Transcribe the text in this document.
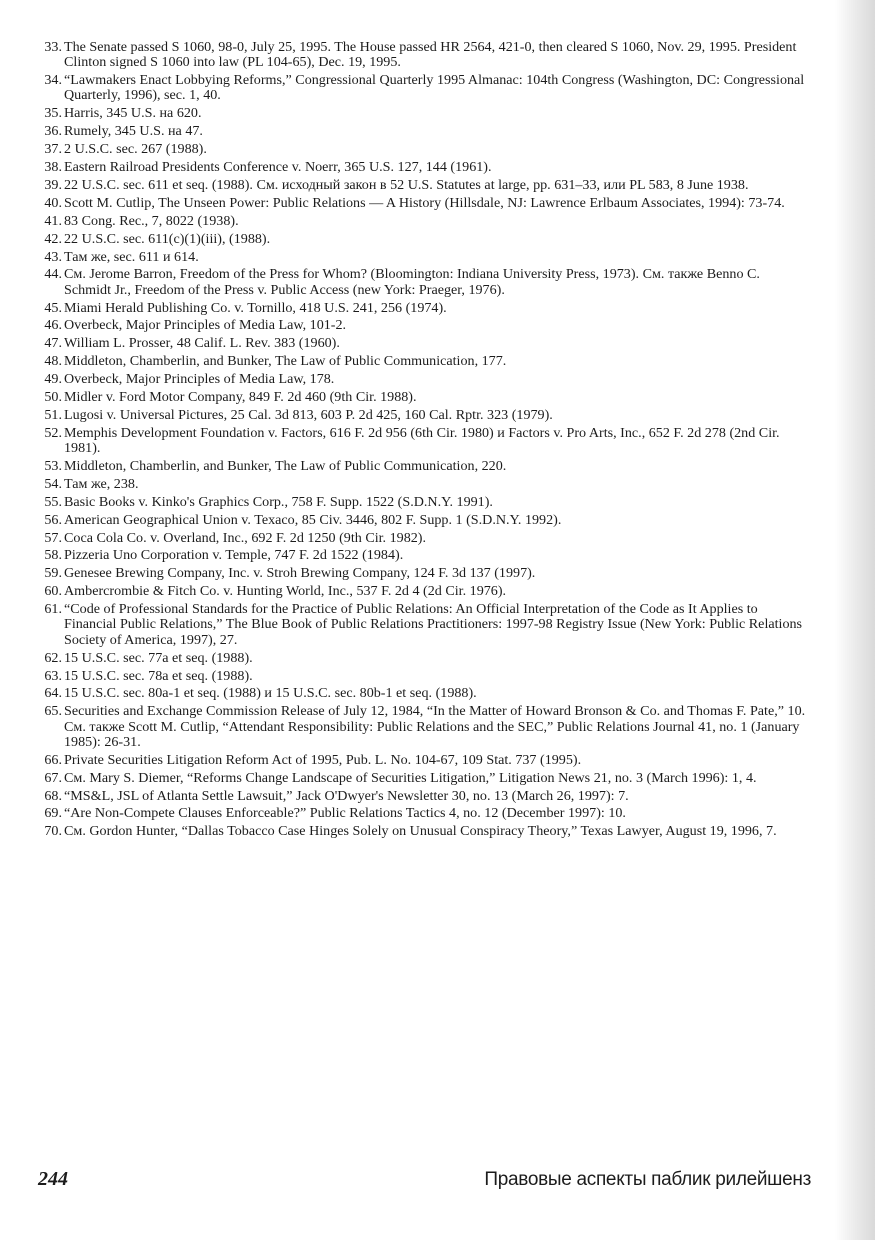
33. The Senate passed S 1060, 98-0, July 25, 1995. The House passed HR 2564, 421-0, then cleared S 1060, Nov. 29, 1995. President Clinton signed S 1060 into law (PL 104-65), Dec. 19, 1995.
34. “Lawmakers Enact Lobbying Reforms,” Congressional Quarterly 1995 Almanac: 104th Congress (Washington, DC: Congressional Quarterly, 1996), sec. 1, 40.
35. Harris, 345 U.S. на 620.
36. Rumely, 345 U.S. на 47.
37. 2 U.S.C. sec. 267 (1988).
38. Eastern Railroad Presidents Conference v. Noerr, 365 U.S. 127, 144 (1961).
39. 22 U.S.C. sec. 611 et seq. (1988). См. исходный закон в 52 U.S. Statutes at large, pp. 631–33, или PL 583, 8 June 1938.
40. Scott M. Cutlip, The Unseen Power: Public Relations — A History (Hillsdale, NJ: Lawrence Erlbaum Associates, 1994): 73-74.
41. 83 Cong. Rec., 7, 8022 (1938).
42. 22 U.S.C. sec. 611(c)(1)(iii), (1988).
43. Там же, sec. 611 и 614.
44. См. Jerome Barron, Freedom of the Press for Whom? (Bloomington: Indiana University Press, 1973). См. также Benno C. Schmidt Jr., Freedom of the Press v. Public Access (new York: Praeger, 1976).
45. Miami Herald Publishing Co. v. Tornillo, 418 U.S. 241, 256 (1974).
46. Overbeck, Major Principles of Media Law, 101-2.
47. William L. Prosser, 48 Calif. L. Rev. 383 (1960).
48. Middleton, Chamberlin, and Bunker, The Law of Public Communication, 177.
49. Overbeck, Major Principles of Media Law, 178.
50. Midler v. Ford Motor Company, 849 F. 2d 460 (9th Cir. 1988).
51. Lugosi v. Universal Pictures, 25 Cal. 3d 813, 603 P. 2d 425, 160 Cal. Rptr. 323 (1979).
52. Memphis Development Foundation v. Factors, 616 F. 2d 956 (6th Cir. 1980) и Factors v. Pro Arts, Inc., 652 F. 2d 278 (2nd Cir. 1981).
53. Middleton, Chamberlin, and Bunker, The Law of Public Communication, 220.
54. Там же, 238.
55. Basic Books v. Kinko's Graphics Corp., 758 F. Supp. 1522 (S.D.N.Y. 1991).
56. American Geographical Union v. Texaco, 85 Civ. 3446, 802 F. Supp. 1 (S.D.N.Y. 1992).
57. Coca Cola Co. v. Overland, Inc., 692 F. 2d 1250 (9th Cir. 1982).
58. Pizzeria Uno Corporation v. Temple, 747 F. 2d 1522 (1984).
59. Genesee Brewing Company, Inc. v. Stroh Brewing Company, 124 F. 3d 137 (1997).
60. Ambercrombie & Fitch Co. v. Hunting World, Inc., 537 F. 2d 4 (2d Cir. 1976).
61. “Code of Professional Standards for the Practice of Public Relations: An Official Interpretation of the Code as It Applies to Financial Public Relations,” The Blue Book of Public Relations Practitioners: 1997-98 Registry Issue (New York: Public Relations Society of America, 1997), 27.
62. 15 U.S.C. sec. 77a et seq. (1988).
63. 15 U.S.C. sec. 78a et seq. (1988).
64. 15 U.S.C. sec. 80a-1 et seq. (1988) и 15 U.S.C. sec. 80b-1 et seq. (1988).
65. Securities and Exchange Commission Release of July 12, 1984, “In the Matter of Howard Bronson & Co. and Thomas F. Pate,” 10. См. также Scott M. Cutlip, “Attendant Responsibility: Public Relations and the SEC,” Public Relations Journal 41, no. 1 (January 1985): 26-31.
66. Private Securities Litigation Reform Act of 1995, Pub. L. No. 104-67, 109 Stat. 737 (1995).
67. См. Mary S. Diemer, “Reforms Change Landscape of Securities Litigation,” Litigation News 21, no. 3 (March 1996): 1, 4.
68. “MS&L, JSL of Atlanta Settle Lawsuit,” Jack O'Dwyer's Newsletter 30, no. 13 (March 26, 1997): 7.
69. “Are Non-Compete Clauses Enforceable?” Public Relations Tactics 4, no. 12 (December 1997): 10.
70. См. Gordon Hunter, “Dallas Tobacco Case Hinges Solely on Unusual Conspiracy Theory,” Texas Lawyer, August 19, 1996, 7.
244	Правовые аспекты паблик рилейшенз
